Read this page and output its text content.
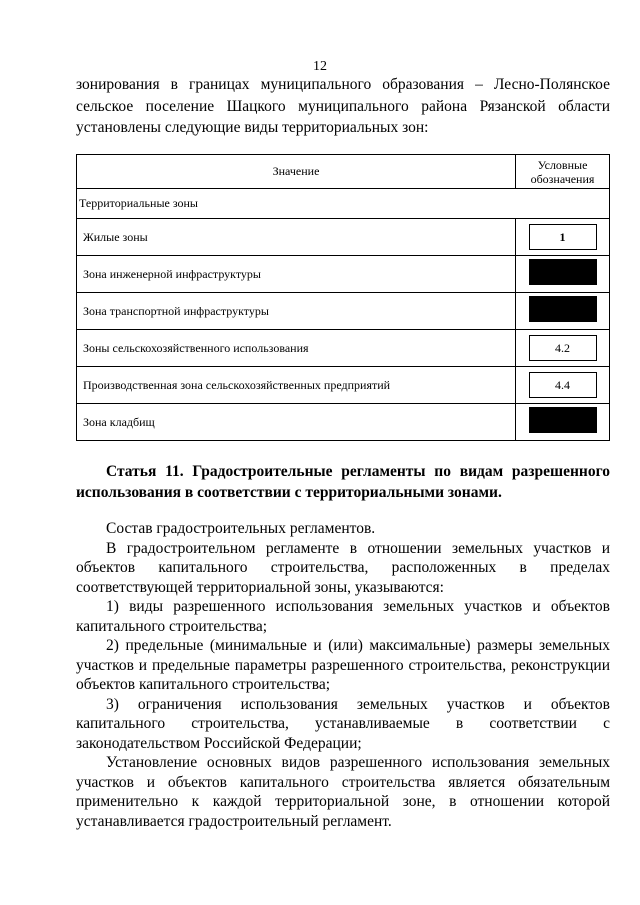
12
зонирования в границах муниципального образования – Лесно-Полянское сельское поселение Шацкого муниципального района Рязанской области установлены следующие виды территориальных зон:
Значение	Условные обозначения
Территориальные зоны	
Жилые зоны	1
Зона инженерной инфраструктуры	
Зона транспортной инфраструктуры	
Зоны сельскохозяйственного использования	4.2
Производственная зона сельскохозяйственных предприятий	4.4
Зона кладбищ	
Статья 11. Градостроительные регламенты по видам разрешенного использования в соответствии с территориальными зонами.

Состав градостроительных регламентов.

В градостроительном регламенте в отношении земельных участков и объектов капитального строительства, расположенных в пределах соответствующей территориальной зоны, указываются:

1) виды разрешенного использования земельных участков и объектов капитального строительства;

2) предельные (минимальные и (или) максимальные) размеры земельных участков и предельные параметры разрешенного строительства, реконструкции объектов капитального строительства;

3) ограничения использования земельных участков и объектов капитального строительства, устанавливаемые в соответствии с законодательством Российской Федерации;

Установление основных видов разрешенного использования земельных участков и объектов капитального строительства является обязательным применительно к каждой территориальной зоне, в отношении которой устанавливается градостроительный регламент.
